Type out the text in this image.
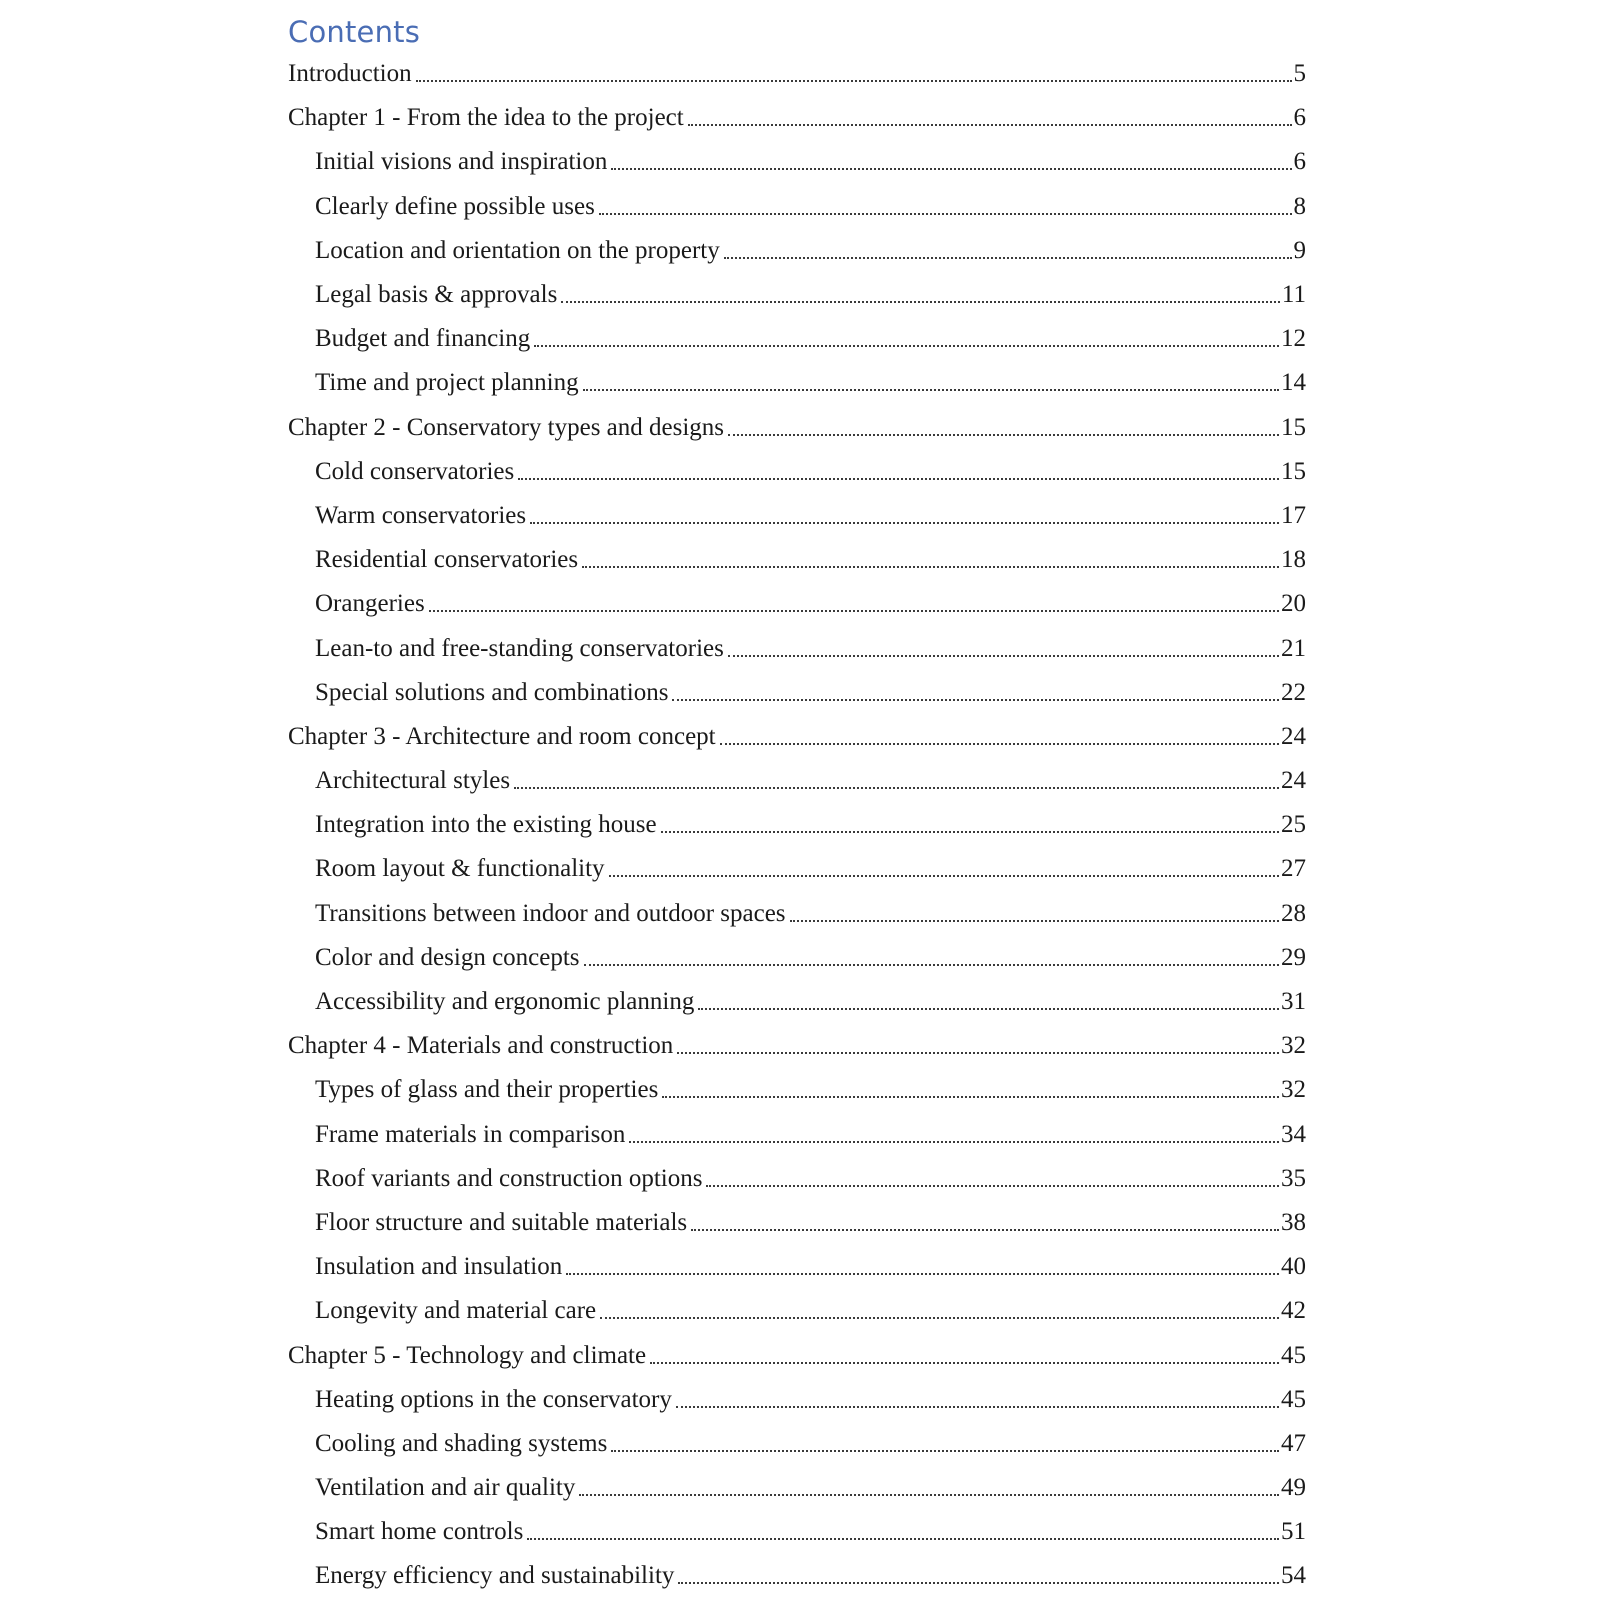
Contents
Introduction	5
Chapter 1 - From the idea to the project	6
Initial visions and inspiration	6
Clearly define possible uses	8
Location and orientation on the property	9
Legal basis & approvals	11
Budget and financing	12
Time and project planning	14
Chapter 2 - Conservatory types and designs	15
Cold conservatories	15
Warm conservatories	17
Residential conservatories	18
Orangeries	20
Lean-to and free-standing conservatories	21
Special solutions and combinations	22
Chapter 3 - Architecture and room concept	24
Architectural styles	24
Integration into the existing house	25
Room layout & functionality	27
Transitions between indoor and outdoor spaces	28
Color and design concepts	29
Accessibility and ergonomic planning	31
Chapter 4 - Materials and construction	32
Types of glass and their properties	32
Frame materials in comparison	34
Roof variants and construction options	35
Floor structure and suitable materials	38
Insulation and insulation	40
Longevity and material care	42
Chapter 5 - Technology and climate	45
Heating options in the conservatory	45
Cooling and shading systems	47
Ventilation and air quality	49
Smart home controls	51
Energy efficiency and sustainability	54
